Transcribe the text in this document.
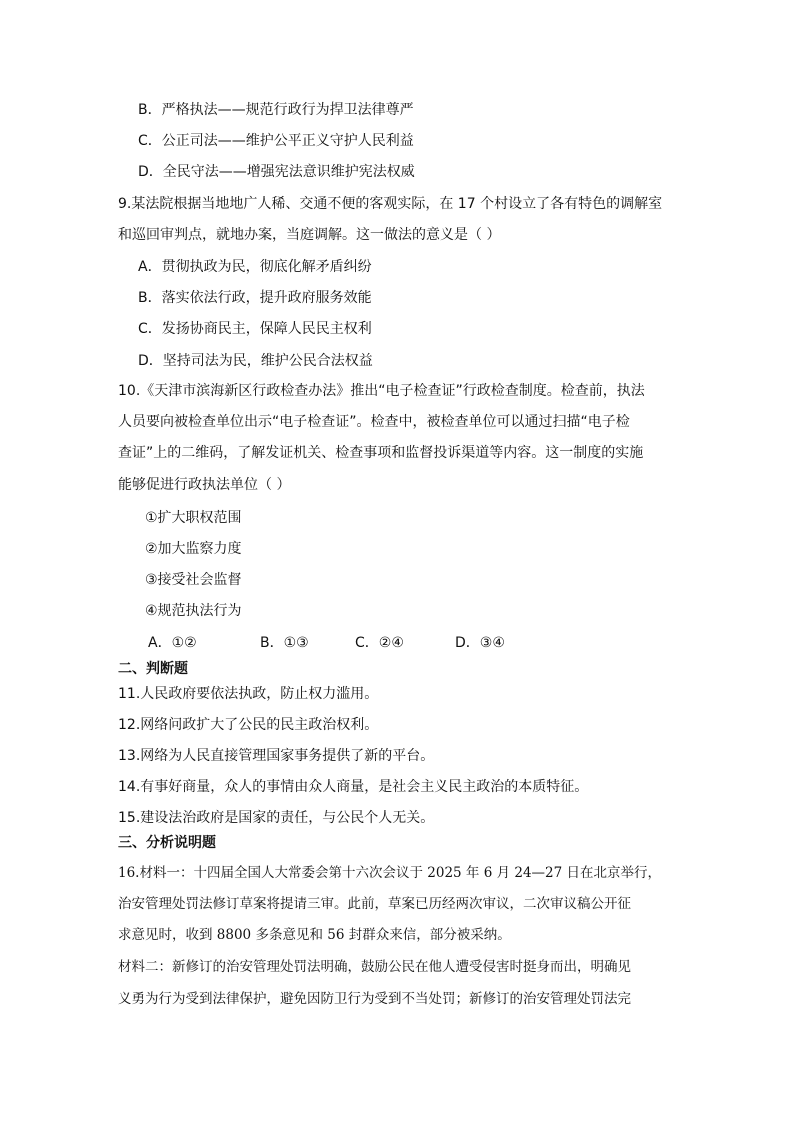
B．严格执法——规范行政行为捍卫法律尊严
C．公正司法——维护公平正义守护人民利益
D．全民守法——增强宪法意识维护宪法权威
9.某法院根据当地地广人稀、交通不便的客观实际，在 17 个村设立了各有特色的调解室
和巡回审判点，就地办案，当庭调解。这一做法的意义是（ ）
A．贯彻执政为民，彻底化解矛盾纠纷
B．落实依法行政，提升政府服务效能
C．发扬协商民主，保障人民民主权利
D．坚持司法为民，维护公民合法权益
10.《天津市滨海新区行政检查办法》推出“电子检查证”行政检查制度。检查前，执法
人员要向被检查单位出示“电子检查证”。检查中，被检查单位可以通过扫描“电子检
查证”上的二维码，了解发证机关、检查事项和监督投诉渠道等内容。这一制度的实施
能够促进行政执法单位（ ）
①扩大职权范围
②加大监察力度
③接受社会监督
④规范执法行为
A．①②	B．①③	C．②④	D．③④
二、判断题
11.人民政府要依法执政，防止权力滥用。
12.网络问政扩大了公民的民主政治权利。
13.网络为人民直接管理国家事务提供了新的平台。
14.有事好商量，众人的事情由众人商量，是社会主义民主政治的本质特征。
15.建设法治政府是国家的责任，与公民个人无关。
三、分析说明题
16.材料一：十四届全国人大常委会第十六次会议于 2025 年 6 月 24—27 日在北京举行，
治安管理处罚法修订草案将提请三审。此前，草案已历经两次审议，二次审议稿公开征
求意见时，收到 8800 多条意见和 56 封群众来信，部分被采纳。
材料二：新修订的治安管理处罚法明确，鼓励公民在他人遭受侵害时挺身而出，明确见
义勇为行为受到法律保护，避免因防卫行为受到不当处罚；新修订的治安管理处罚法完
